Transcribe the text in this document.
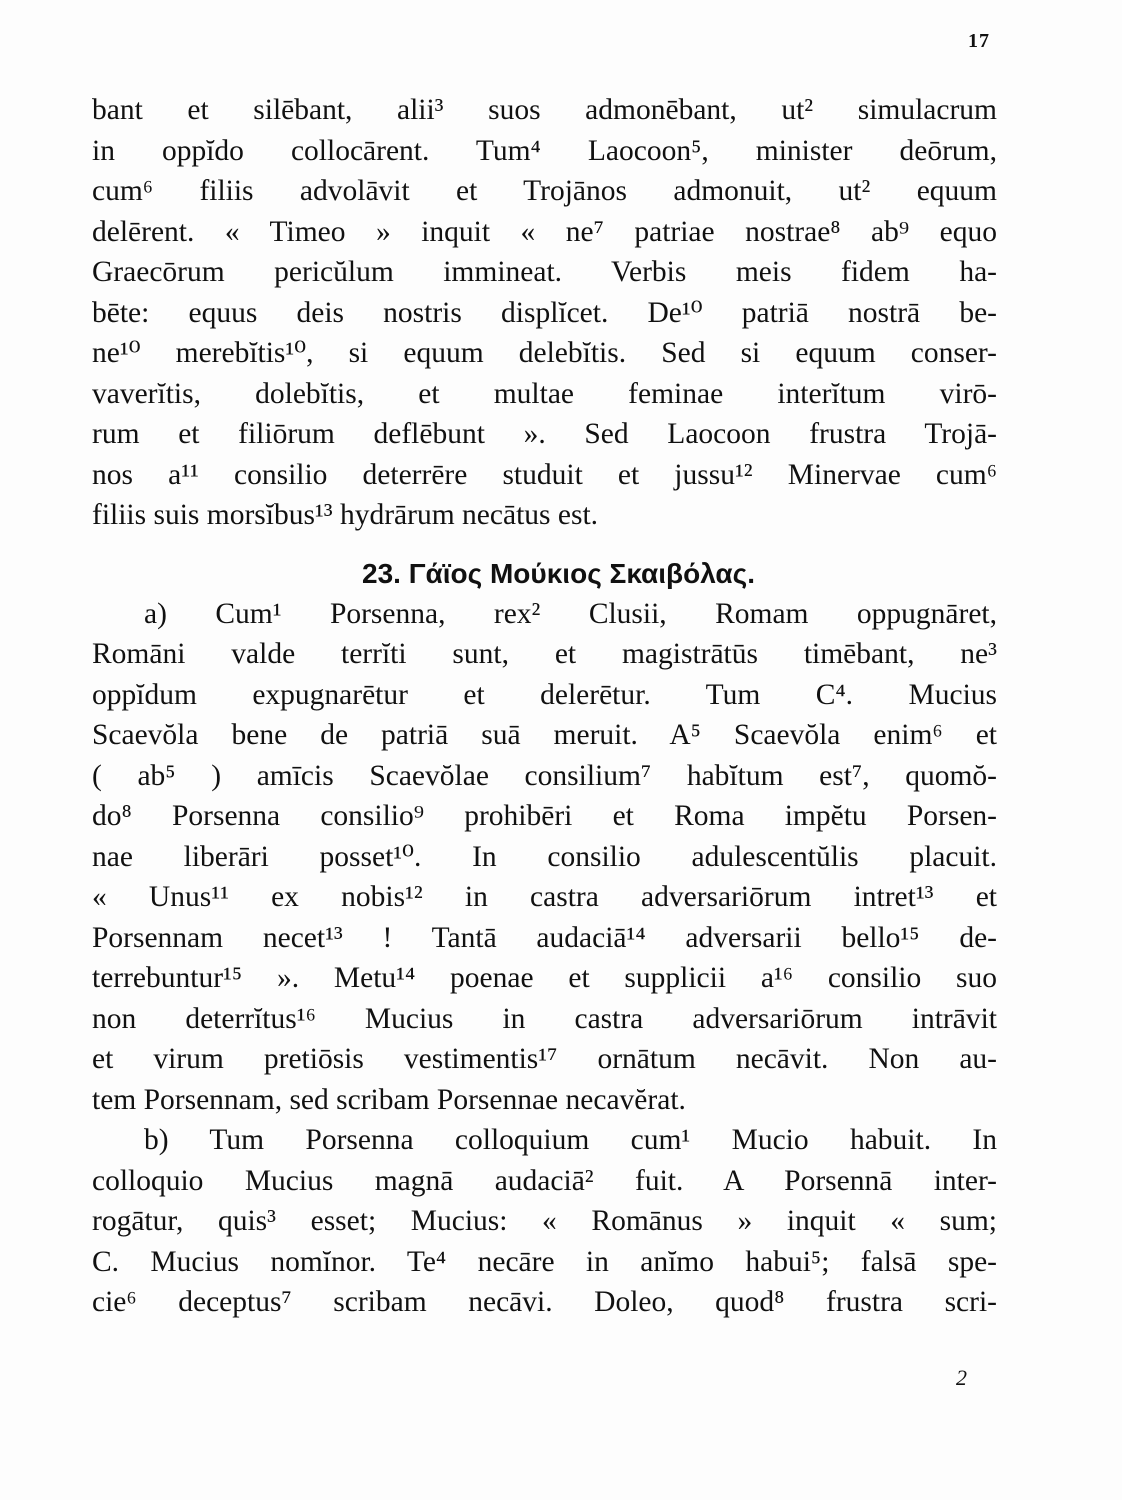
17
bant et silēbant, alii³ suos admonēbant, ut² simulacrum
in oppĭdo collocārent. Tum⁴ Laocoon⁵, minister deōrum,
cum⁶ filiis advolāvit et Trojānos admonuit, ut² equum
delērent. « Timeo » inquit « ne⁷ patriae nostrae⁸ ab⁹ equo
Graecōrum pericŭlum immineat. Verbis meis fidem ha-
bēte: equus deis nostris displĭcet. De¹⁰ patriā nostrā be-
ne¹⁰ merebĭtis¹⁰, si equum delebĭtis. Sed si equum conser-
vaverĭtis, dolebĭtis, et multae feminae interĭtum virō-
rum et filiōrum deflēbunt ». Sed Laocoon frustra Trojā-
nos a¹¹ consilio deterrēre studuit et jussu¹² Minervae cum⁶
filiis suis morsĭbus¹³ hydrārum necātus est.
23. Γάϊος Μούκιος Σκαιβόλας.
a) Cum¹ Porsenna, rex² Clusii, Romam oppugnāret,
Romāni valde terrĭti sunt, et magistrātūs timēbant, ne³
oppĭdum expugnarētur et delerētur. Tum C⁴. Mucius
Scaevŏla bene de patriā suā meruit. A⁵ Scaevŏla enim⁶ et
( ab⁵ ) amīcis Scaevŏlae consilium⁷ habĭtum est⁷, quomŏ-
do⁸ Porsenna consilio⁹ prohibēri et Roma impĕtu Porsen-
nae liberāri posset¹⁰. In consilio adulescentŭlis placuit.
« Unus¹¹ ex nobis¹² in castra adversariōrum intret¹³ et
Porsennam necet¹³ ! Tantā audaciā¹⁴ adversarii bello¹⁵ de-
terrebuntur¹⁵ ». Metu¹⁴ poenae et supplicii a¹⁶ consilio suo
non deterrĭtus¹⁶ Mucius in castra adversariōrum intrāvit
et virum pretiōsis vestimentis¹⁷ ornātum necāvit. Non au-
tem Porsennam, sed scribam Porsennae necavĕrat.
b) Tum Porsenna colloquium cum¹ Mucio habuit. In
colloquio Mucius magnā audaciā² fuit. A Porsennā inter-
rogātur, quis³ esset; Mucius: « Romānus » inquit « sum;
C. Mucius nomĭnor. Te⁴ necāre in anĭmo habui⁵; falsā spe-
cie⁶ deceptus⁷ scribam necāvi. Doleo, quod⁸ frustra scri-
2
